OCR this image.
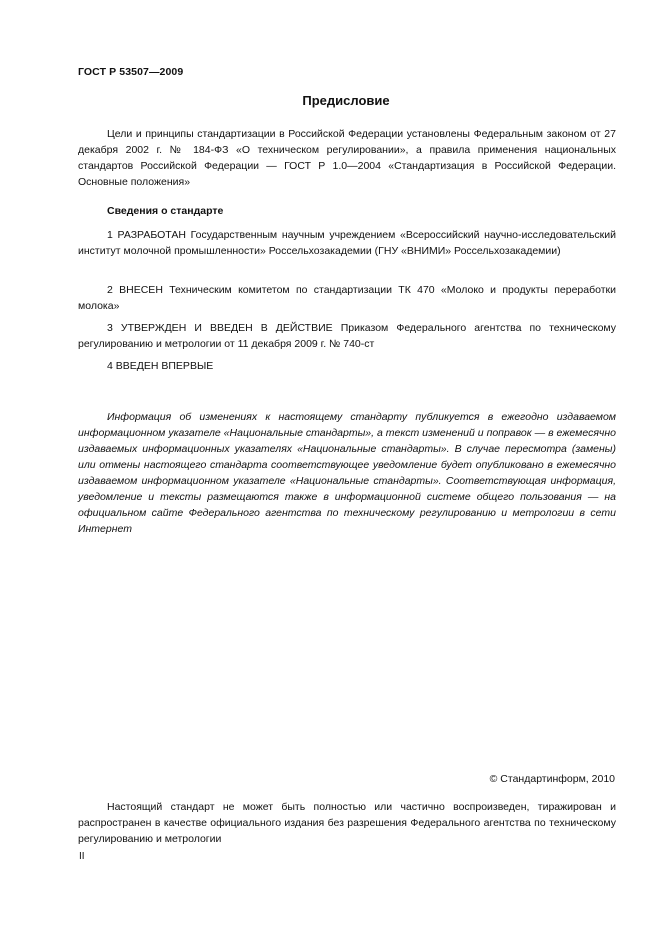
ГОСТ Р 53507—2009
Предисловие

Цели и принципы стандартизации в Российской Федерации установлены Федеральным законом от 27 декабря 2002 г. № 184-ФЗ «О техническом регулировании», а правила применения национальных стандартов Российской Федерации — ГОСТ Р 1.0—2004 «Стандартизация в Российской Федерации. Основные положения»

Сведения о стандарте

1 РАЗРАБОТАН Государственным научным учреждением «Всероссийский научно-исследовательский институт молочной промышленности» Россельхозакадемии (ГНУ «ВНИМИ» Россельхозакадемии)

2 ВНЕСЕН Техническим комитетом по стандартизации ТК 470 «Молоко и продукты переработки молока»

3 УТВЕРЖДЕН И ВВЕДЕН В ДЕЙСТВИЕ Приказом Федерального агентства по техническому регулированию и метрологии от 11 декабря 2009 г. № 740-ст

4 ВВЕДЕН ВПЕРВЫЕ

Информация об изменениях к настоящему стандарту публикуется в ежегодно издаваемом информационном указателе «Национальные стандарты», а текст изменений и поправок — в ежемесячно издаваемых информационных указателях «Национальные стандарты». В случае пересмотра (замены) или отмены настоящего стандарта соответствующее уведомление будет опубликовано в ежемесячно издаваемом информационном указателе «Национальные стандарты». Соответствующая информация, уведомление и тексты размещаются также в информационной системе общего пользования — на официальном сайте Федерального агентства по техническому регулированию и метрологии в сети Интернет

© Стандартинформ, 2010

Настоящий стандарт не может быть полностью или частично воспроизведен, тиражирован и распространен в качестве официального издания без разрешения Федерального агентства по техническому регулированию и метрологии

II
